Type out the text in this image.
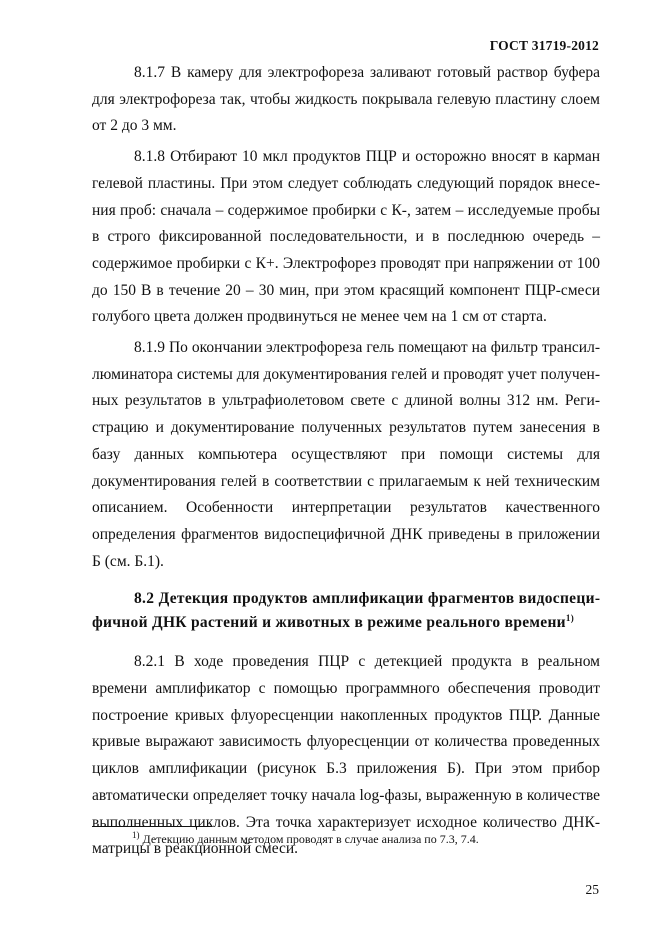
ГОСТ 31719-2012

8.1.7 В камеру для электрофореза заливают готовый раствор буфера для электрофореза так, чтобы жидкость покрывала гелевую пластину слоем от 2 до 3 мм.

8.1.8 Отбирают 10 мкл продуктов ПЦР и осторожно вносят в карман гелевой пластины. При этом следует соблюдать следующий порядок внесения проб: сначала – содержимое пробирки с К-, затем – исследуемые пробы в строго фиксированной последовательности, и в последнюю очередь – содержимое пробирки с К+. Электрофорез проводят при напряжении от 100 до 150 В в течение 20 – 30 мин, при этом красящий компонент ПЦР-смеси голубого цвета должен продвинуться не менее чем на 1 см от старта.

8.1.9 По окончании электрофореза гель помещают на фильтр трансиллюминатора системы для документирования гелей и проводят учет полученных результатов в ультрафиолетовом свете с длиной волны 312 нм. Регистрацию и документирование полученных результатов путем занесения в базу данных компьютера осуществляют при помощи системы для документирования гелей в соответствии с прилагаемым к ней техническим описанием. Особенности интерпретации результатов качественного определения фрагментов видоспецифичной ДНК приведены в приложении Б (см. Б.1).

8.2 Детекция продуктов амплификации фрагментов видоспецифичной ДНК растений и животных в режиме реального времени$^{1)}$

8.2.1 В ходе проведения ПЦР с детекцией продукта в реальном времени амплификатор с помощью программного обеспечения проводит построение кривых флуоресценции накопленных продуктов ПЦР. Данные кривые выражают зависимость флуоресценции от количества проведенных циклов амплификации (рисунок Б.3 приложения Б). При этом прибор автоматически определяет точку начала log-фазы, выраженную в количестве выполненных циклов. Эта точка характеризует исходное количество ДНК-матрицы в реакционной смеси.

$^{1)}$ Детекцию данным методом проводят в случае анализа по 7.3, 7.4.
25
